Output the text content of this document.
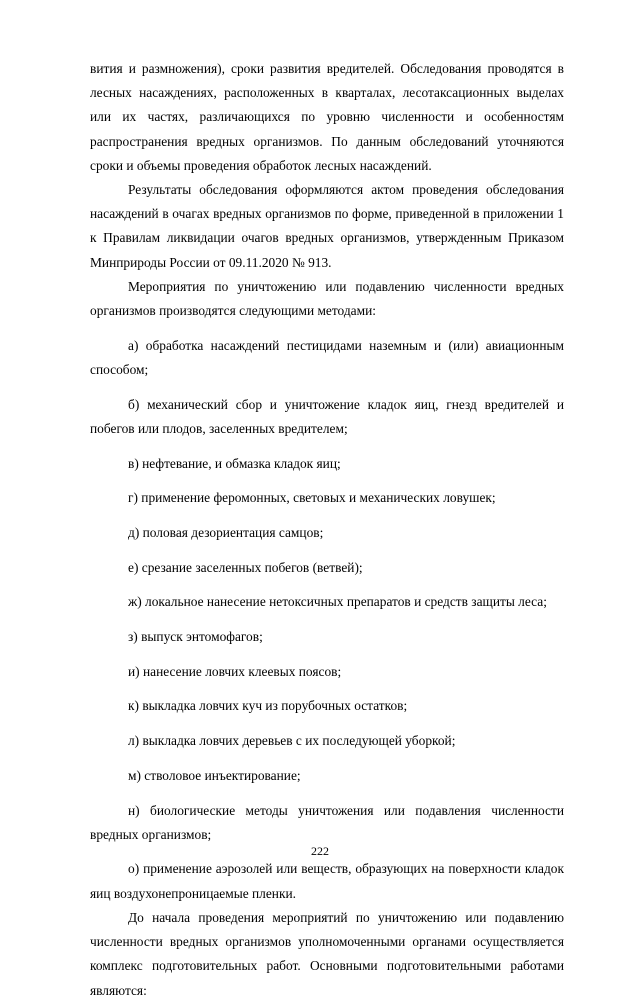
вития и размножения), сроки развития вредителей. Обследования проводятся в лесных насаждениях, расположенных в кварталах, лесотаксационных выделах или их частях, различающихся по уровню численности и особенностям распространения вредных организмов. По данным обследований уточняются сроки и объемы проведения обработок лесных насаждений.

Результаты обследования оформляются актом проведения обследования насаждений в очагах вредных организмов по форме, приведенной в приложении 1 к Правилам ликвидации очагов вредных организмов, утвержденным Приказом Минприроды России от 09.11.2020 № 913.

Мероприятия по уничтожению или подавлению численности вредных организмов производятся следующими методами:

а) обработка насаждений пестицидами наземным и (или) авиационным способом;

б) механический сбор и уничтожение кладок яиц, гнезд вредителей и побегов или плодов, заселенных вредителем;

в) нефтевание, и обмазка кладок яиц;

г) применение феромонных, световых и механических ловушек;

д) половая дезориентация самцов;

е) срезание заселенных побегов (ветвей);

ж) локальное нанесение нетоксичных препаратов и средств защиты леса;

з) выпуск энтомофагов;

и) нанесение ловчих клеевых поясов;

к) выкладка ловчих куч из порубочных остатков;

л) выкладка ловчих деревьев с их последующей уборкой;

м) стволовое инъектирование;

н) биологические методы уничтожения или подавления численности вредных организмов;

о) применение аэрозолей или веществ, образующих на поверхности кладок яиц воздухонепроницаемые пленки.

До начала проведения мероприятий по уничтожению или подавлению численности вредных организмов уполномоченными органами осуществляется комплекс подготовительных работ. Основными подготовительными работами являются:

222
